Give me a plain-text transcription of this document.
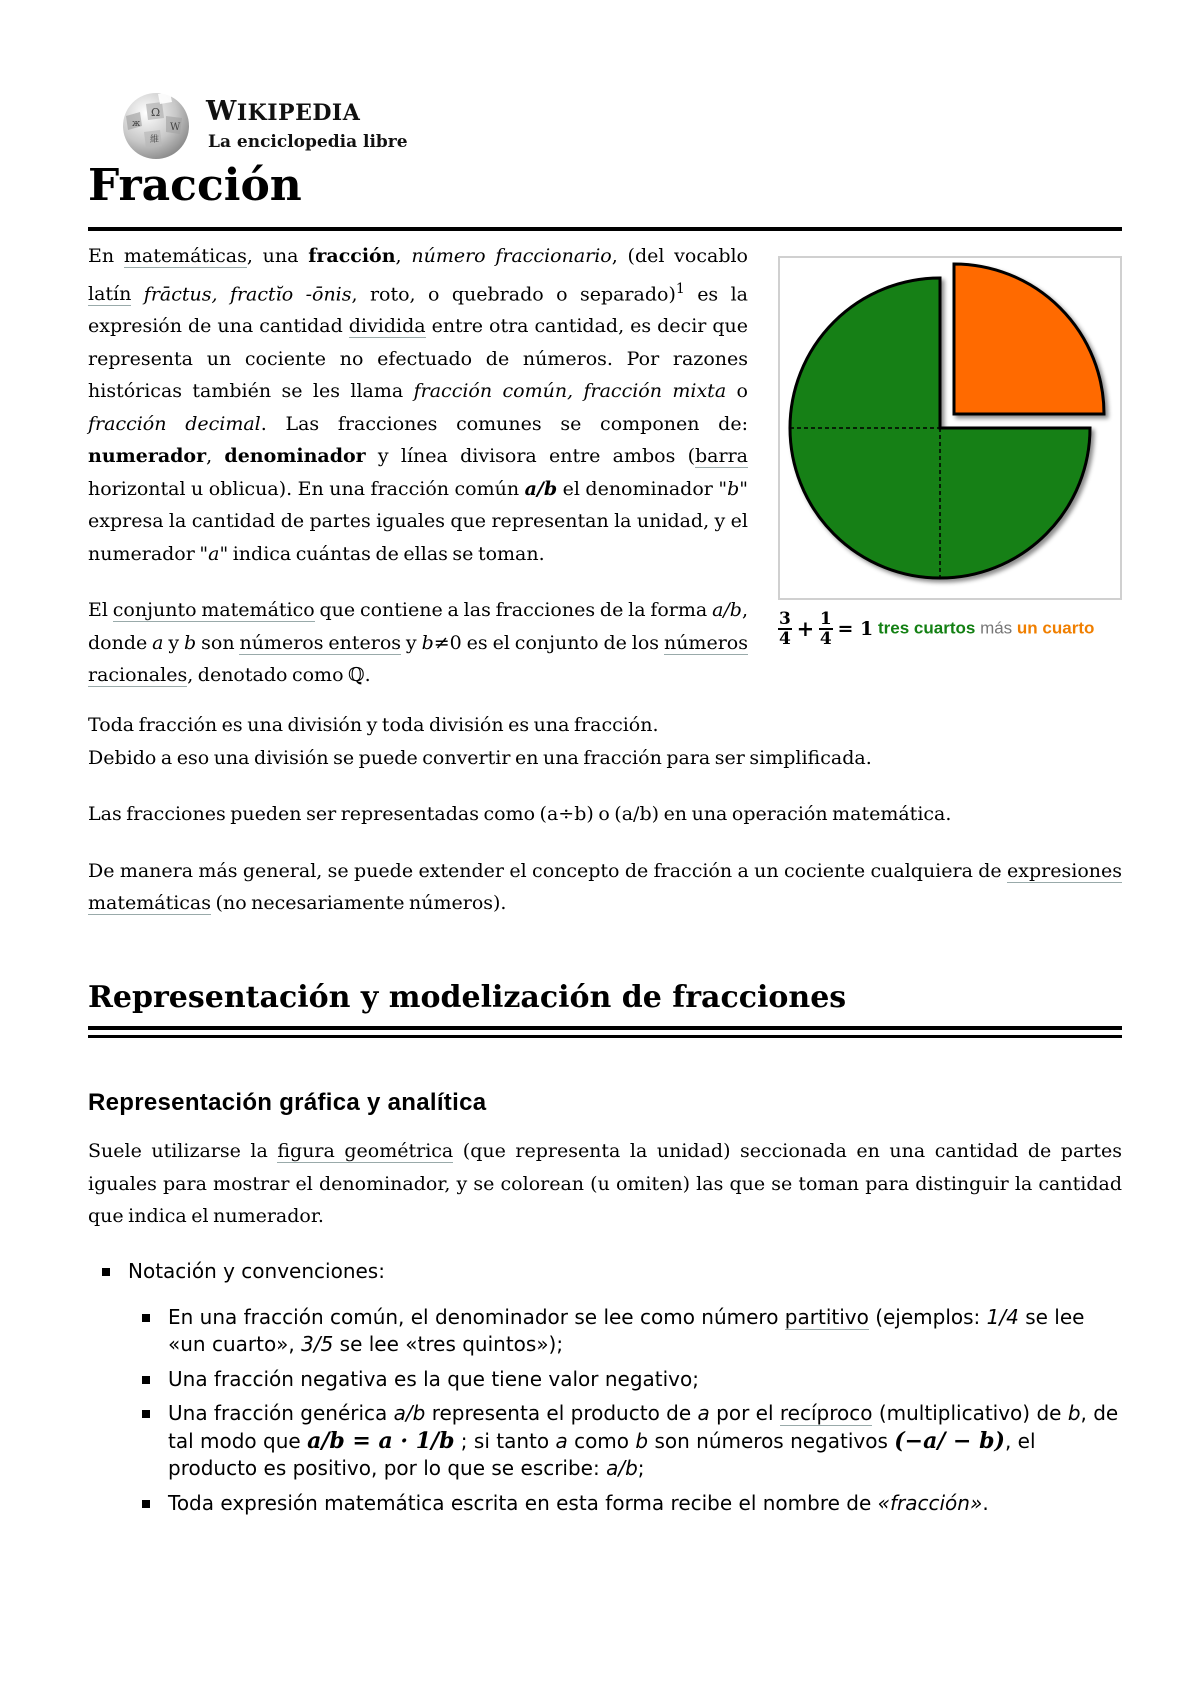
Ω
W
ж
維
WIKIPEDIA
La enciclopedia libre
Fracción

En matemáticas, una fracción, número fraccionario, (del vocablo latín frāctus, fractĭo -ōnis, roto, o quebrado o separado)$^1$ es la expresión de una cantidad dividida entre otra cantidad, es decir que representa un cociente no efectuado de números. Por razones históricas también se les llama fracción común, fracción mixta o fracción decimal. Las fracciones comunes se componen de: numerador, denominador y línea divisora entre ambos (barra horizontal u oblicua). En una fracción común a/b el denominador "b" expresa la cantidad de partes iguales que representan la unidad, y el numerador "a" indica cuántas de ellas se toman.

El conjunto matemático que contiene a las fracciones de la forma a/b, donde a y b son números enteros y b≠0 es el conjunto de los números racionales, denotado como ℚ.

Toda fracción es una división y toda división es una fracción.
Debido a eso una división se puede convertir en una fracción para ser simplificada.

Las fracciones pueden ser representadas como (a÷b) o (a/b) en una operación matemática.

De manera más general, se puede extender el concepto de fracción a un cociente cualquiera de expresiones matemáticas (no necesariamente números).

$\frac{3}{4} + \frac{1}{4} = 1$ tres cuartos más un cuarto
Representación y modelización de fracciones
Representación gráfica y analítica

Suele utilizarse la figura geométrica (que representa la unidad) seccionada en una cantidad de partes iguales para mostrar el denominador, y se colorean (u omiten) las que se toman para distinguir la cantidad que indica el numerador.

Notación y convenciones:
En una fracción común, el denominador se lee como número partitivo (ejemplos: 1/4 se lee «un cuarto», 3/5 se lee «tres quintos»);
Una fracción negativa es la que tiene valor negativo;
Una fracción genérica a/b representa el producto de a por el recíproco (multiplicativo) de b, de tal modo que a/b = a · 1/b ; si tanto a como b son números negativos (−a/ − b), el producto es positivo, por lo que se escribe: a/b;
Toda expresión matemática escrita en esta forma recibe el nombre de «fracción».
